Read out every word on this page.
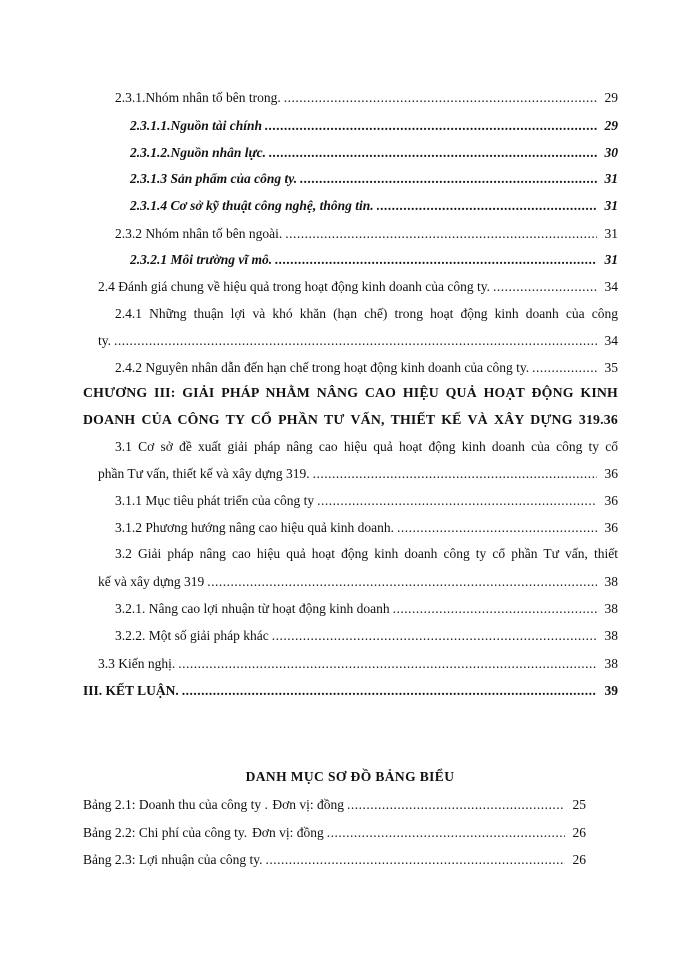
2.3.1.Nhóm nhân tố bên trong. .....	29
2.3.1.1.Nguồn tài chính .....	29
2.3.1.2.Nguồn nhân lực. .....	30
2.3.1.3 Sản phẩm của công ty. .....	31
2.3.1.4 Cơ sở kỹ thuật công nghệ, thông tin. .....	31
2.3.2 Nhóm nhân tố bên ngoài. .....	31
2.3.2.1 Môi trường vĩ mô. .....	31
2.4 Đánh giá chung về hiệu quả trong hoạt động kinh doanh của công ty. .....	34
2.4.1 Những thuận lợi và khó khăn (hạn chế) trong hoạt động kinh doanh của công
ty. .....	34
2.4.2 Nguyên nhân dẫn đến hạn chế trong hoạt động kinh doanh của công ty. .....	35
CHƯƠNG III: GIẢI PHÁP NHẰM NÂNG CAO HIỆU QUẢ HOẠT ĐỘNG KINH
DOANH CỦA CÔNG TY CỔ PHẦN TƯ VẤN, THIẾT KẾ VÀ XÂY DỰNG 319. 36
3.1 Cơ sở đề xuất giải pháp nâng cao hiệu quả hoạt động kinh doanh của công ty cổ
phần Tư vấn, thiết kế và xây dựng 319. .....	36
3.1.1 Mục tiêu phát triển của công ty .....	36
3.1.2 Phương hướng nâng cao hiệu quả kinh doanh. .....	36
3.2 Giải pháp nâng cao hiệu quả hoạt động kinh doanh công ty cổ phần Tư vấn, thiết
kế và xây dựng 319 .....	38
3.2.1. Nâng cao lợi nhuận từ hoạt động kinh doanh .....	38
3.2.2. Một số giải pháp khác .....	38
3.3 Kiến nghị. .....	38
III. KẾT LUẬN. .....	39
DANH MỤC SƠ ĐỒ BẢNG BIỂU
Bảng 2.1: Doanh thu của công ty . Đơn vị: đồng .....	25
Bảng 2.2: Chi phí của công ty. Đơn vị: đồng .....	26
Bảng 2.3: Lợi nhuận của công ty. .....	26
